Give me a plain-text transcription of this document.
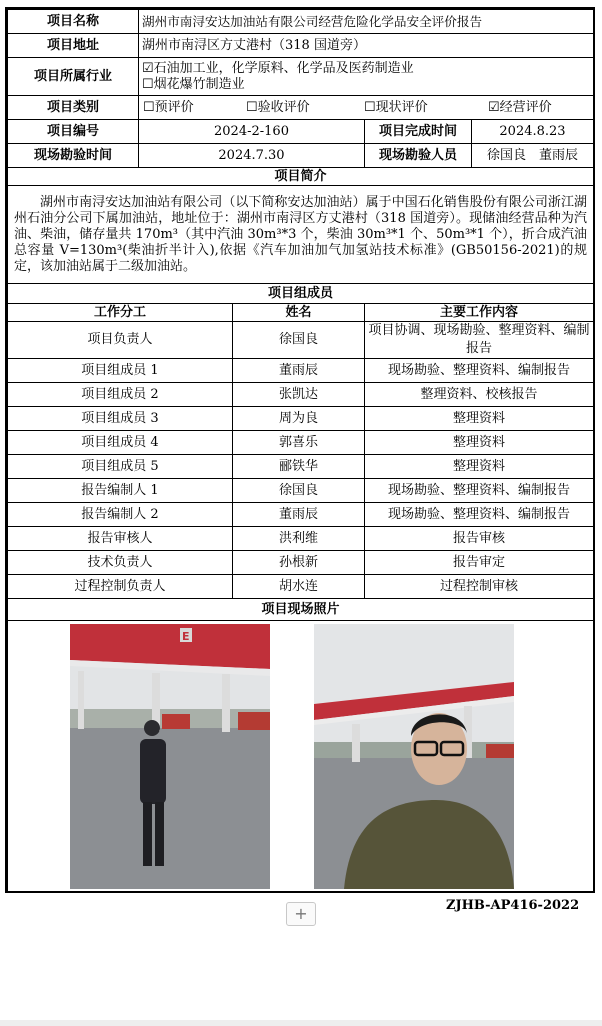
项目名称	湖州市南浔安达加油站有限公司经营危险化学品安全评价报告			
项目地址	湖州市南浔区方丈港村（318 国道旁）			
项目所属行业	☑石油加工业，化学原料、化学品及医药制造业
☐烟花爆竹制造业			

项目类别	☐预评价 ☐验收评价 ☐现状评价 ☑经营评价			

项目编号	2024-2-160		项目完成时间	2024.8.23
现场勘验时间	2024.7.30		现场勘验人员	徐国良　董雨辰
项目简介				
湖州市南浔安达加油站有限公司（以下简称安达加油站）属于中国石化销售股份有限公司浙江湖州石油分公司下属加油站，地址位于：湖州市南浔区方丈港村（318 国道旁）。现储油经营品种为汽油、柴油，储存量共 170m³（其中汽油 30m³*3 个，柴油 30m³*1 个、50m³*1 个），折合成汽油总容量 V=130m³(柴油折半计入),依据《汽车加油加气加氢站技术标准》(GB50156-2021)的规定，该加油站属于二级加油站。				
项目组成员				
工作分工		姓名	主要工作内容	
项目负责人		徐国良	项目协调、现场勘验、整理资料、编制报告	
项目组成员 1		董雨辰	现场勘验、整理资料、编制报告	
项目组成员 2		张凯达	整理资料、校核报告	
项目组成员 3		周为良	整理资料	
项目组成员 4		郭喜乐	整理资料	
项目组成员 5		郦铁华	整理资料	
报告编制人 1		徐国良	现场勘验、整理资料、编制报告	
报告编制人 2		董雨辰	现场勘验、整理资料、编制报告	
报告审核人		洪利维	报告审核	
技术负责人		孙根新	报告审定	
过程控制负责人		胡水连	过程控制审核	
项目现场照片				

E				
+	ZJHB-AP416-2022
